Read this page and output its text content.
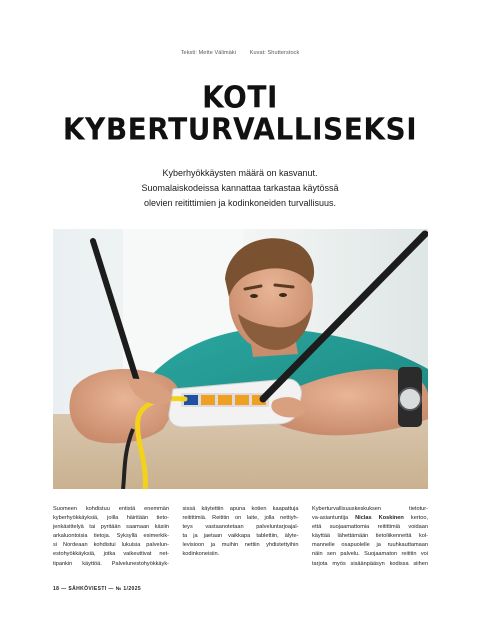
Teksti: Mette Välimäki Kuvat: Shutterstock
KOTI
KYBERTURVALLISEKSI
Kyberhyökkäysten määrä on kasvanut.
Suomalaiskodeissa kannattaa tarkastaa käytössä
olevien reitittimien ja kodinkoneiden turvallisuus.

Suomeen kohdistuu entistä enemmän

kyberhyökkäyksiä, joilla häiritään tieto-

jenkäsittelyä tai pyritään saamaan käsiin

arkaluontoisia tietoja. Syksyllä esimerkik-

si Nordeaan kohdistui lukuisia palvelun-

estohyökkäyksiä, jotka vaikeuttivat net-

tipankin käyttöä. Palvelunestohyökkäyk-

sissä käytettiin apuna kotien kaapattuja

reitittimiä. Reititin on laite, jolla nettiyh-

teys vastaanotetaan palveluntarjoajal-

ta ja jaetaan vaikkapa tablettiin, älyte-

levisioon ja muihin nettiin yhdistettyihin

kodinkoneisiin.

Kyberturvallisuuskeskuksen tietotur-

va-asiantuntija Niclas Koskinen kertoo,

että suojaamattomia reitittimiä voidaan

käyttää lähettämään tietoliikennettä kol-

mannelle osapuolelle ja ruuhkauttamaan

näin sen palvelu. Suojaamaton reititin voi

tarjota myös sisäänpääsyn kodissa siihen

18 — SÄHKÖVIESTI — № 1/2025
